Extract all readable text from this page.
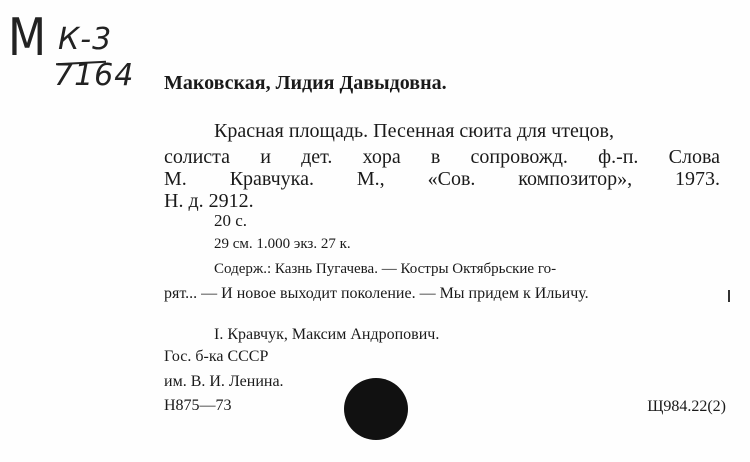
М К-3
7164 Маковская, Лидия Давыдовна.
Красная площадь. Песенная сюита для чтецов,
солиста и дет. хора в сопровожд. ф.-п. Слова
М. Кравчука. М., «Сов. композитор», 1973.
Н. д. 2912.
20 с.
29 см. 1.000 экз. 27 к.
Содерж.: Казнь Пугачева. — Костры Октябрьские го-
рят... — И новое выходит поколение. — Мы придем к Ильичу.
I. Кравчук, Максим Андропович.
Гос. б-ка СССР
им. В. И. Ленина.
Н875—73	Щ984.22(2)
